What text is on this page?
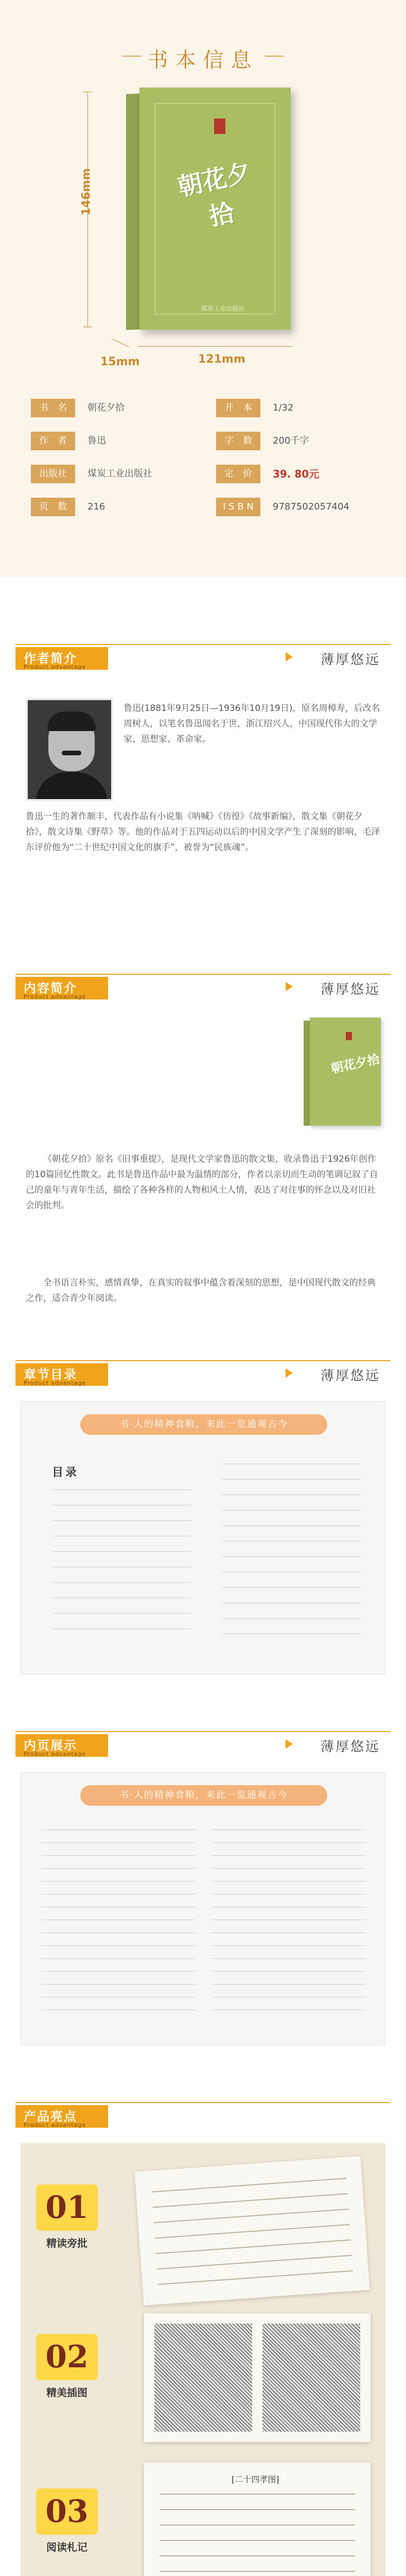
书本信息
146mm	朝花夕拾
煤炭工业出版社
15mm	121mm
书　名	朝花夕拾	开　本	1/32
作　者	鲁迅	字　数	200千字
出版社	煤炭工业出版社	定　价	39. 80元
页　数	216	I S B N	9787502057404
作者简介
Product advantage	薄厚悠远

鲁迅(1881年9月25日—1936年10月19日)，原名周樟寿，后改名周树人，以笔名鲁迅闻名于世，浙江绍兴人，中国现代伟大的文学家、思想家、革命家。

鲁迅一生的著作颇丰，代表作品有小说集《呐喊》《彷徨》《故事新编》，散文集《朝花夕拾》，散文诗集《野草》等。他的作品对于五四运动以后的中国文学产生了深刻的影响，毛泽东评价他为“二十世纪中国文化的旗手”，被誉为“民族魂”。

内容简介
Product advantage	薄厚悠远
朝花夕拾

《朝花夕拾》原名《旧事重提》，是现代文学家鲁迅的散文集，收录鲁迅于1926年创作的10篇回忆性散文。此书是鲁迅作品中最为温情的部分，作者以亲切而生动的笔调记叙了自己的童年与青年生活，描绘了各种各样的人物和风土人情，表达了对往事的怀念以及对旧社会的批判。

全书语言朴实，感情真挚，在真实的叙事中蕴含着深刻的思想，是中国现代散文的经典之作，适合青少年阅读。

章节目录
Product advantage	薄厚悠远
书·人的精神食粮，来此一览通观古今
目录
内页展示
Product advantage	薄厚悠远
书·人的精神食粮，来此一览通观古今
产品亮点
Product advantage
[二十四孝图]
01
精读旁批
02
精美插图
03
阅读札记
